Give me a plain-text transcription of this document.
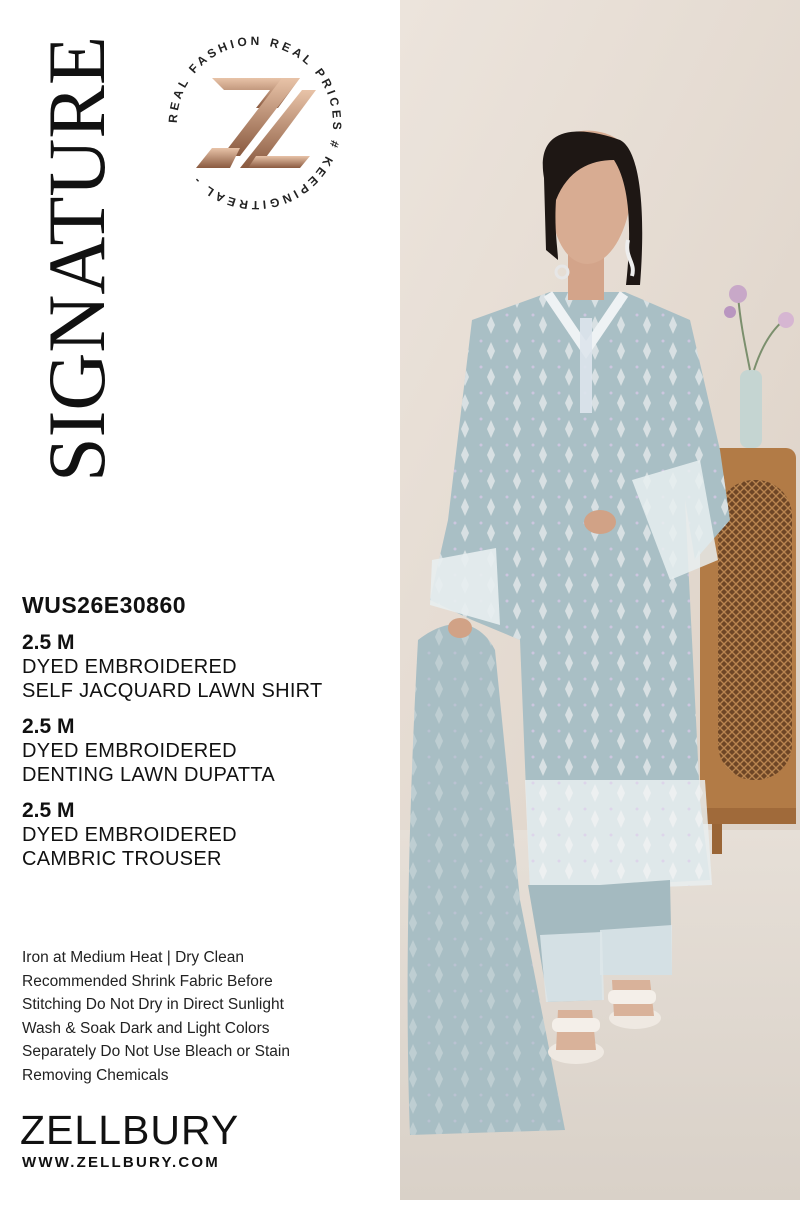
SIGNATURE	REAL FASHION REAL PRICES # KEEPINGITREAL -
WUS26E30860
2.5 M
DYED EMBROIDERED
SELF JACQUARD LAWN SHIRT
2.5 M
DYED EMBROIDERED
DENTING LAWN DUPATTA
2.5 M
DYED EMBROIDERED
CAMBRIC TROUSER
Iron at Medium Heat | Dry Clean
Recommended Shrink Fabric Before
Stitching Do Not Dry in Direct Sunlight
Wash & Soak Dark and Light Colors
Separately Do Not Use Bleach or Stain
Removing Chemicals
ZELLBURY
WWW.ZELLBURY.COM
